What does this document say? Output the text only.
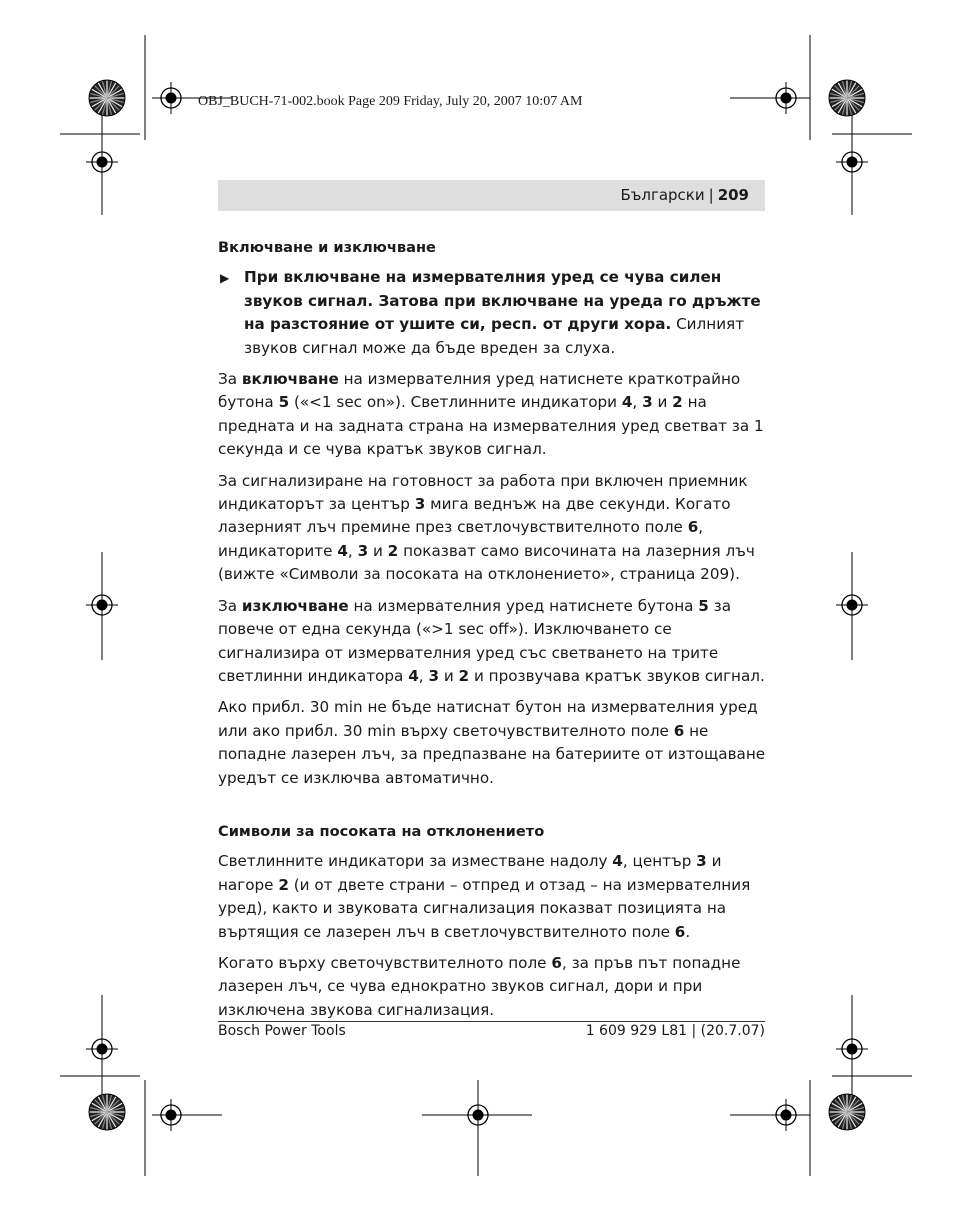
OBJ_BUCH-71-002.book Page 209 Friday, July 20, 2007 10:07 AM
Български | 209
Включване и изключване
▶ При включване на измервателния уред се чува силен звуков сигнал. Затова при включване на уреда го дръжте на разстояние от ушите си, респ. от други хора. Силният звуков сигнал може да бъде вреден за слуха.

За включване на измервателния уред натиснете краткотрайно бутона 5 («<1 sec on»). Светлинните индикатори 4, 3 и 2 на предната и на задната страна на измервателния уред светват за 1 секунда и се чува кратък звуков сигнал.

За сигнализиране на готовност за работа при включен приемник индикаторът за център 3 мига веднъж на две секунди. Когато лазерният лъч премине през светлочувствителното поле 6, индикаторите 4, 3 и 2 показват само височината на лазерния лъч (вижте «Символи за посоката на отклонението», страница 209).

За изключване на измервателния уред натиснете бутона 5 за повече от една секунда («>1 sec off»). Изключването се сигнализира от измервателния уред със светването на трите светлинни индикатора 4, 3 и 2 и прозвучава кратък звуков сигнал.

Ако прибл. 30 min не бъде натиснат бутон на измервателния уред или ако прибл. 30 min върху светочувствителното поле 6 не попадне лазерен лъч, за предпазване на батериите от изтощаване уредът се изключва автоматично.

Символи за посоката на отклонението

Светлинните индикатори за изместване надолу 4, център 3 и нагоре 2 (и от двете страни – отпред и отзад – на измервателния уред), както и звуковата сигнализация показват позицията на въртящия се лазерен лъч в светлочувствителното поле 6.

Когато върху светочувствителното поле 6, за пръв път попадне лазерен лъч, се чува еднократно звуков сигнал, дори и при изключена звукова сигнализация.

Bosch Power Tools	1 609 929 L81 | (20.7.07)
